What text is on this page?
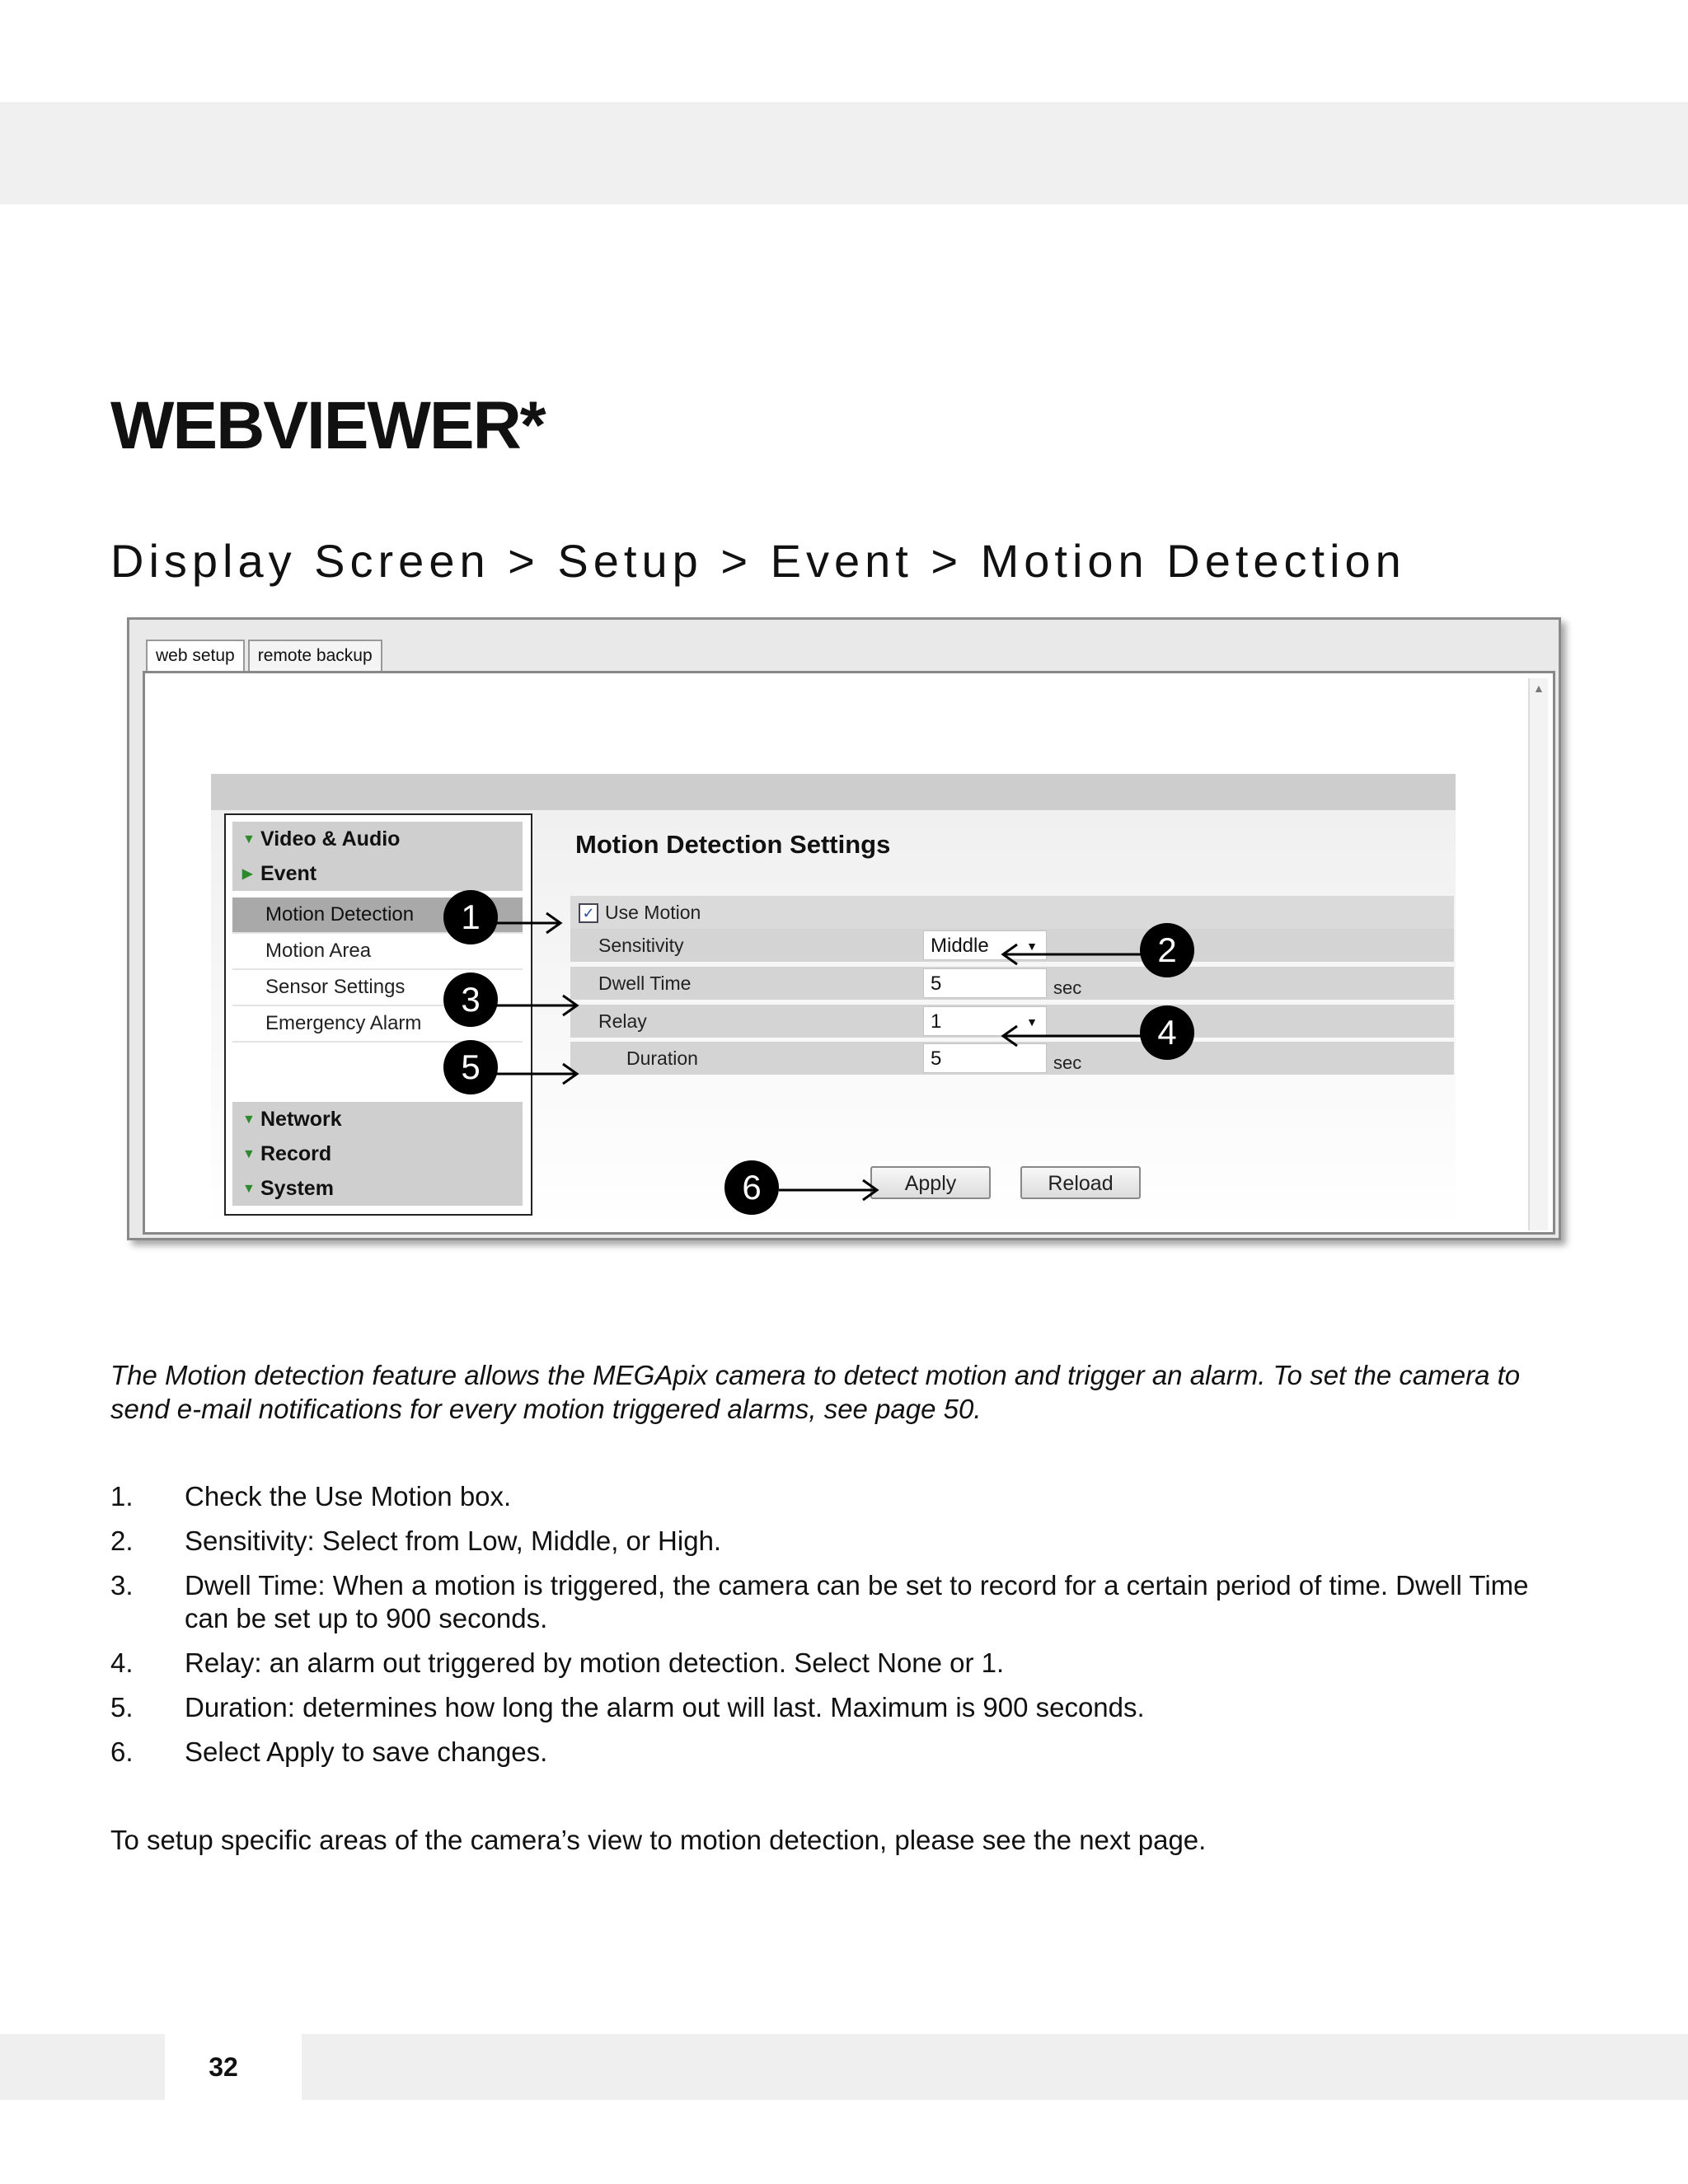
WEBVIEWER*
Display Screen > Setup > Event > Motion Detection
web setup	remote backup
▲
▼ Video & Audio
▶ Event
Motion Detection
Motion Area
Sensor Settings
Emergency Alarm
▼ Network
▼ Record
▼ System
Motion Detection Settings
✓ Use Motion
Sensitivity	Middle	▼
Dwell Time	5	sec
Relay	1	▼
Duration	5	sec
Apply	Reload
1
2
3
4
5
6

The Motion detection feature allows the MEGApix camera to detect motion and trigger an alarm. To set the camera to send e-mail notifications for every motion triggered alarms, see page 50.

1. Check the Use Motion box.
2. Sensitivity: Select from Low, Middle, or High.
3. Dwell Time: When a motion is triggered, the camera can be set to record for a certain period of time. Dwell Time can be set up to 900 seconds.
4. Relay: an alarm out triggered by motion detection. Select None or 1.
5. Duration: determines how long the alarm out will last. Maximum is 900 seconds.
6. Select Apply to save changes.

To setup specific areas of the camera’s view to motion detection, please see the next page.

32
